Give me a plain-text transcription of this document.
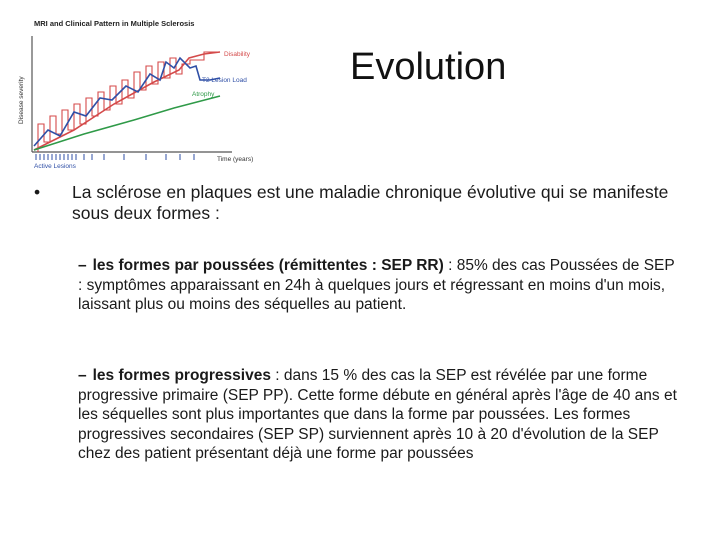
MRI and Clinical Pattern in Multiple Sclerosis
Disease severity
Time (years)
Disability
T2 Lesion Load
Atrophy
Active Lesions
Evolution
• La sclérose en plaques est une maladie chronique évolutive qui se manifeste sous deux formes :
– les formes par poussées (rémittentes : SEP RR) : 85% des cas Poussées de SEP : symptômes apparaissant en 24h à quelques jours et régressant en moins d'un mois, laissant plus ou moins des séquelles au patient.
– les formes progressives : dans 15 % des cas la SEP est révélée par une forme progressive primaire (SEP PP). Cette forme débute en général après l'âge de 40 ans et les séquelles sont plus importantes que dans la forme par poussées. Les formes progressives secondaires (SEP SP) surviennent après 10 à 20 d'évolution de la SEP chez des patient présentant déjà une forme par poussées
